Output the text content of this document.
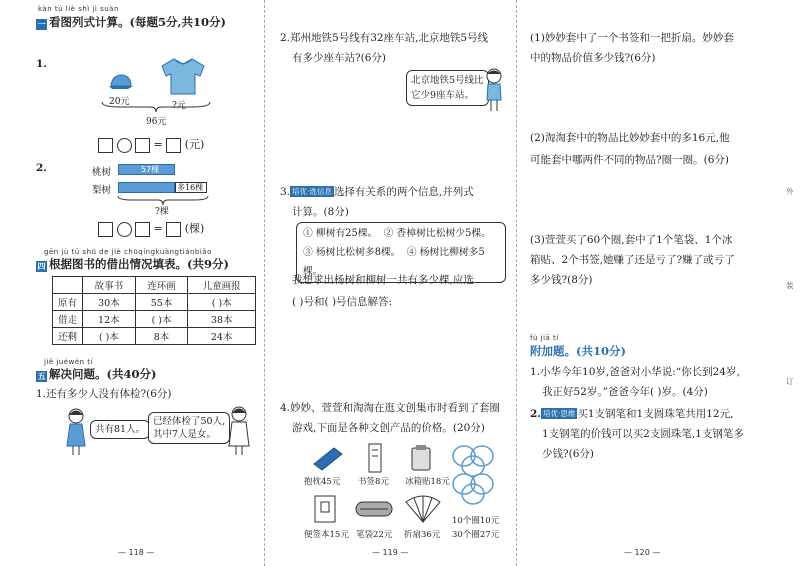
kàn tú liè shì jì suàn
一 看图列式计算。(每题5分,共10分)
1.
20元	?元
96元
= (元)
2.	桃树	57棵
梨树	多16棵
?棵
= (棵)
gēn jù tú shū de jiè chūqíngkuàngtiánbiǎo
四 根据图书的借出情况填表。(共9分)
	故事书	连环画	儿童画报
原有	30本	55本	( )本
借走	12本	( )本	38本
还剩	( )本	8本	24本
jiě juéwèn tí
五 解决问题。(共40分)
1.还有多少人没有体检?(6分)
共有81人。
已经体检了50人,
其中7人是女。
— 118 —
2.郑州地铁5号线有32座车站,北京地铁5号线
有多少座车站?(6分)
北京地铁5号线比
它少9座车站。
3. 培优·选信息 选择有关系的两个信息,并列式
计算。(8分)
① 柳树有25棵。 ② 香樟树比松树少5棵。
③ 杨树比松树多8棵。 ④ 杨树比柳树多5棵。
我想求出杨树和柳树一共有多少棵,应选
( )号和( )号信息解答:
4.妙妙、萱萱和淘淘在逛文创集市时看到了套圈
游戏,下面是各种文创产品的价格。(20分)
抱枕45元 书签8元 冰箱贴18元
便签本15元 笔袋22元 折扇36元
10个圈10元
30个圈27元
— 119 —
(1)妙妙套中了一个书签和一把折扇。妙妙套
中的物品价值多少钱?(6分)
(2)淘淘套中的物品比妙妙套中的多16元,他
可能套中哪两件不同的物品?圈一圈。(6分)
(3)萱萱买了60个圈,套中了1个笔袋、1个冰
箱贴、2个书签,她赚了还是亏了?赚了或亏了
多少钱?(8分)
fù jiā tí
附加题。(共10分)
1.小华今年10岁,爸爸对小华说:“你长到24岁,
我正好52岁。”爸爸今年( )岁。(4分)
2. 培优·思维 买1支钢笔和1支圆珠笔共用12元,
1支钢笔的价钱可以买2支圆珠笔,1支钢笔多
少钱?(6分)
外
装
订
— 120 —
